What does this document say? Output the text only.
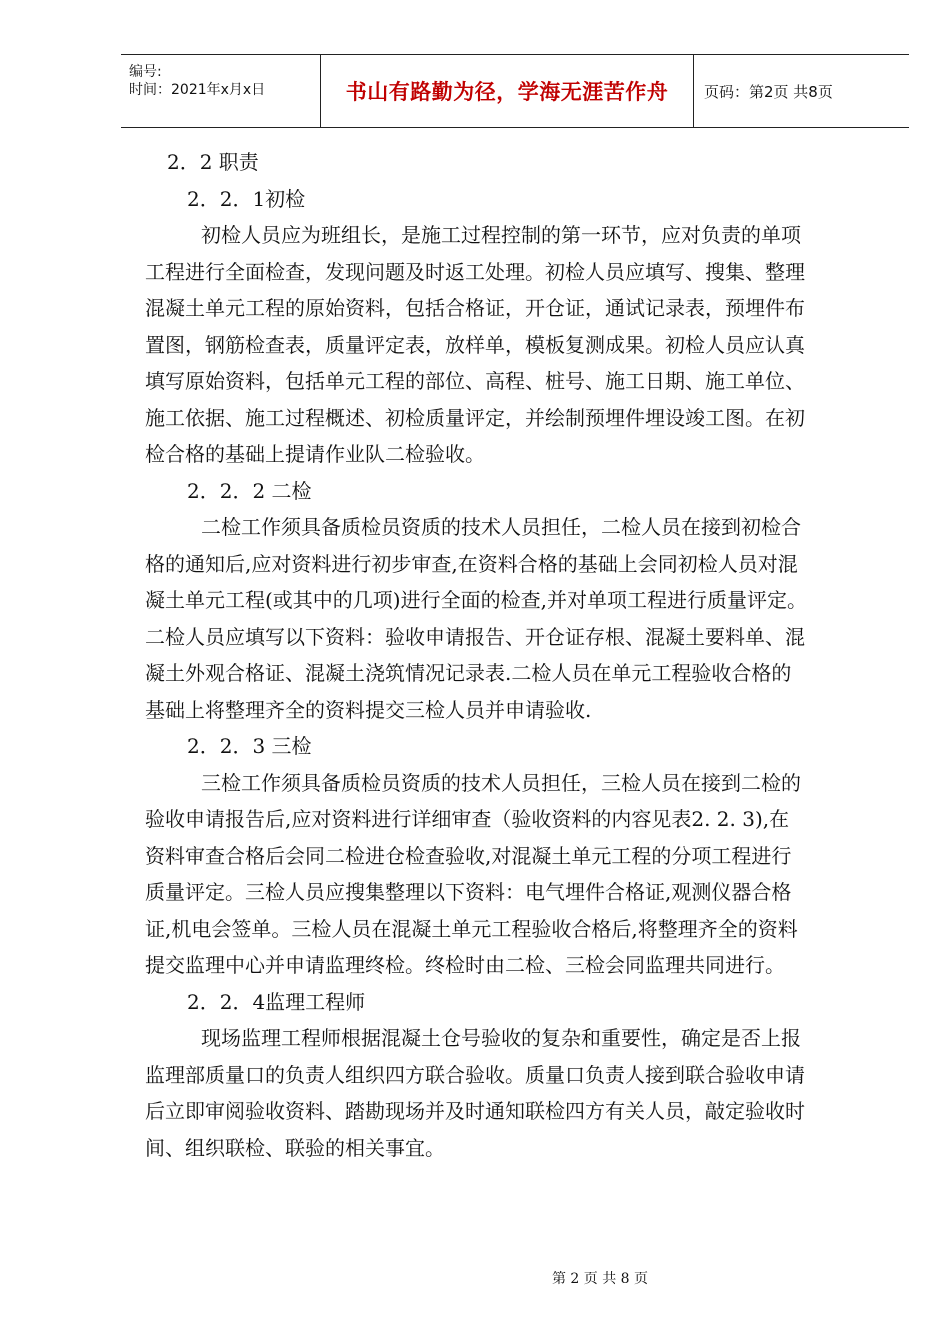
编号:
时间：2021年x月x日	书山有路勤为径，学海无涯苦作舟 页码：第2页 共8页
2．2 职责
2．2．1初检
初检人员应为班组长，是施工过程控制的第一环节，应对负责的单项
工程进行全面检查，发现问题及时返工处理。初检人员应填写、搜集、整理
混凝土单元工程的原始资料，包括合格证，开仓证，通试记录表，预埋件布
置图，钢筋检查表，质量评定表，放样单，模板复测成果。初检人员应认真
填写原始资料，包括单元工程的部位、高程、桩号、施工日期、施工单位、
施工依据、施工过程概述、初检质量评定，并绘制预埋件埋设竣工图。在初
检合格的基础上提请作业队二检验收。
2．2．2 二检
二检工作须具备质检员资质的技术人员担任，二检人员在接到初检合
格的通知后,应对资料进行初步审查,在资料合格的基础上会同初检人员对混
凝土单元工程(或其中的几项)进行全面的检查,并对单项工程进行质量评定。
二检人员应填写以下资料：验收申请报告、开仓证存根、混凝土要料单、混
凝土外观合格证、混凝土浇筑情况记录表.二检人员在单元工程验收合格的
基础上将整理齐全的资料提交三检人员并申请验收.
2．2．3 三检
三检工作须具备质检员资质的技术人员担任，三检人员在接到二检的
验收申请报告后,应对资料进行详细审查（验收资料的内容见表2. 2. 3),在
资料审查合格后会同二检进仓检查验收,对混凝土单元工程的分项工程进行
质量评定。三检人员应搜集整理以下资料：电气埋件合格证,观测仪器合格
证,机电会签单。三检人员在混凝土单元工程验收合格后,将整理齐全的资料
提交监理中心并申请监理终检。终检时由二检、三检会同监理共同进行。
2．2．4监理工程师
现场监理工程师根据混凝土仓号验收的复杂和重要性，确定是否上报
监理部质量口的负责人组织四方联合验收。质量口负责人接到联合验收申请
后立即审阅验收资料、踏勘现场并及时通知联检四方有关人员，敲定验收时
间、组织联检、联验的相关事宜。
第 2 页 共 8 页
